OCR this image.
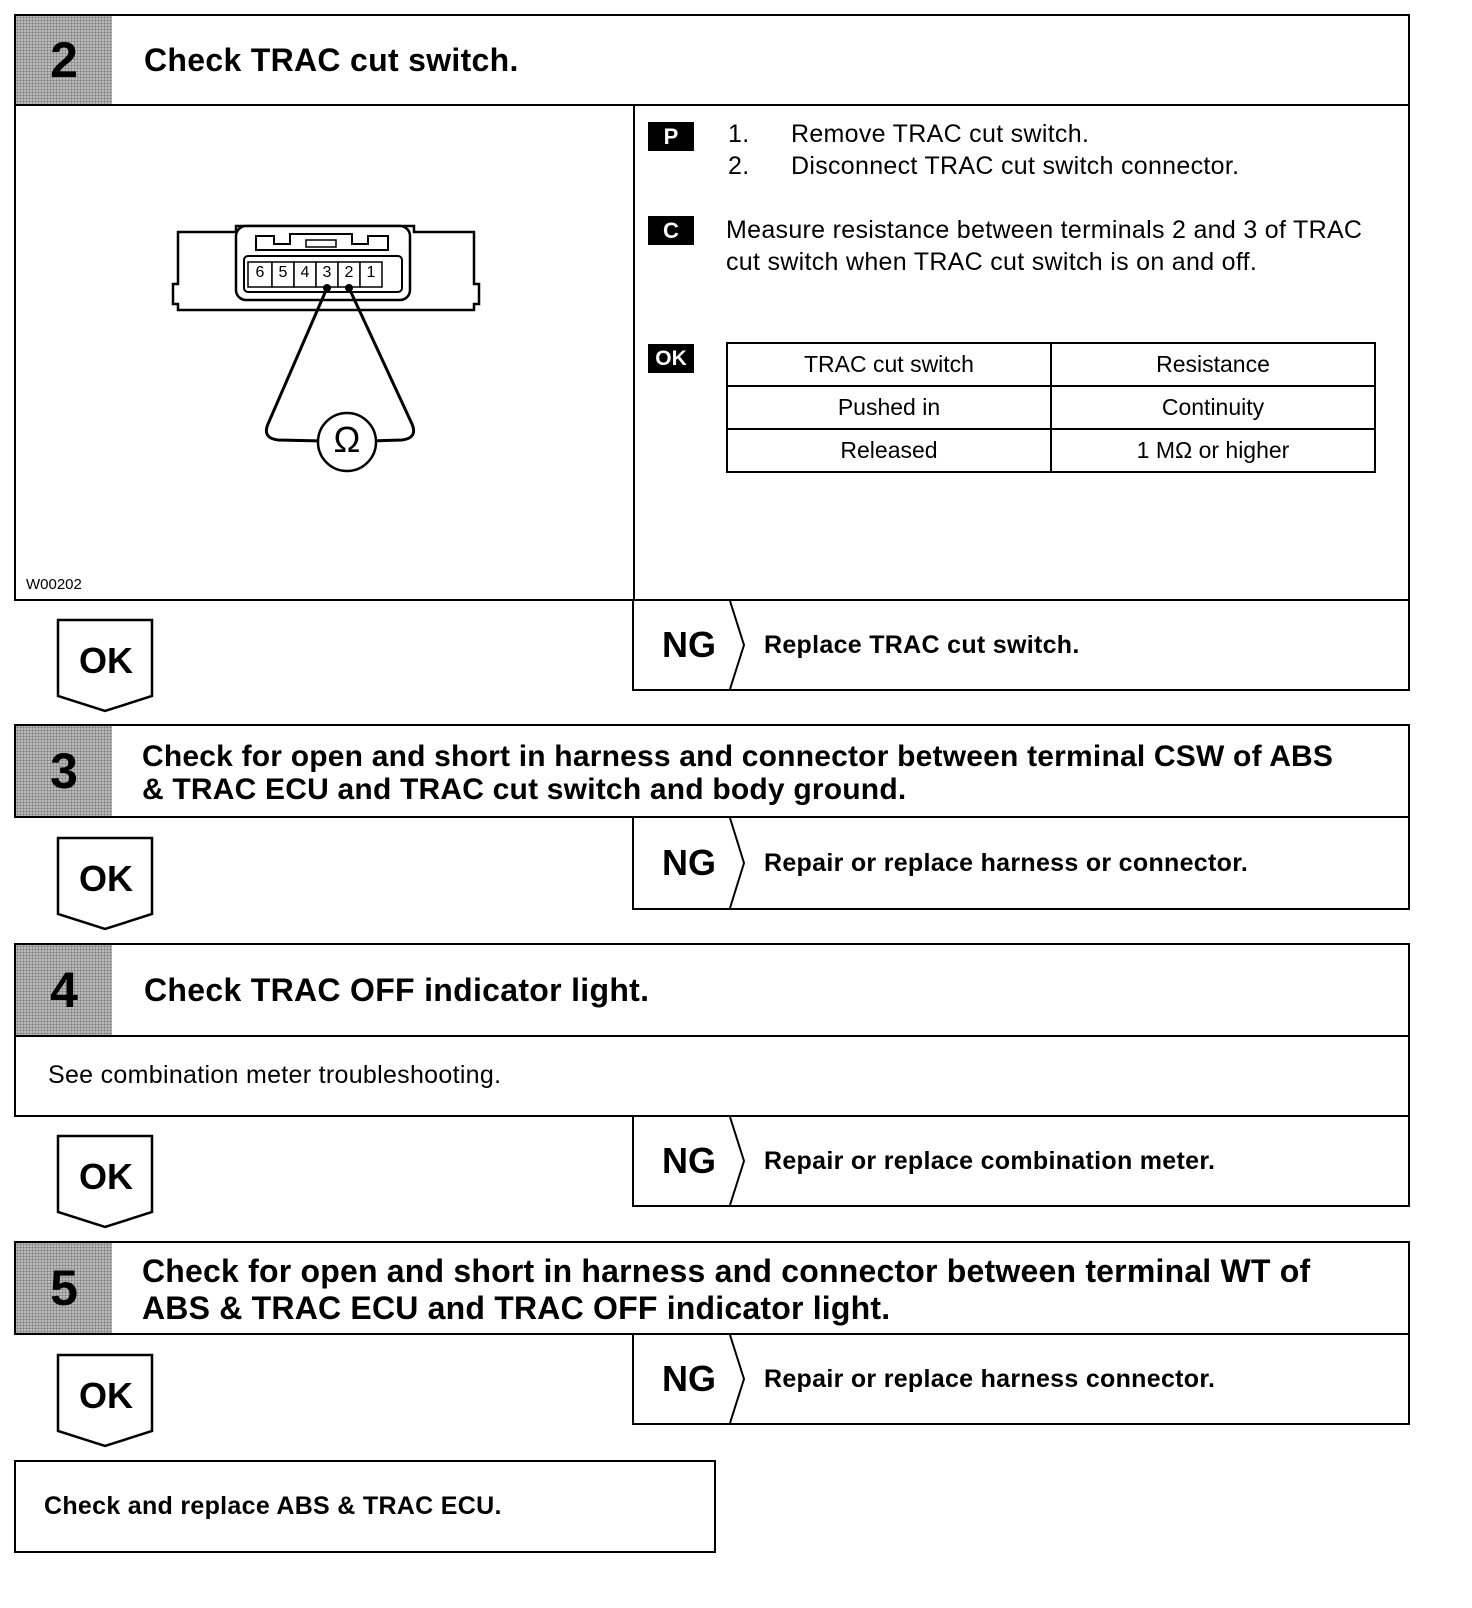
2	Check TRAC cut switch.
6 5 4 3 2 1
Ω
W00202
P	1. Remove TRAC cut switch.
2. Disconnect TRAC cut switch connector.
C	Measure resistance between terminals 2 and 3 of TRAC cut switch when TRAC cut switch is on and off.
OK	TRAC cut switch	Resistance
Pushed in	Continuity
Released	1 MΩ or higher
OK	NG Replace TRAC cut switch.
3	Check for open and short in harness and connector between terminal CSW of ABS
& TRAC ECU and TRAC cut switch and body ground.
OK	NG Repair or replace harness or connector.
4	Check TRAC OFF indicator light.
See combination meter troubleshooting.
OK	NG Repair or replace combination meter.
5	Check for open and short in harness and connector between terminal WT of
ABS & TRAC ECU and TRAC OFF indicator light.
OK	NG Repair or replace harness connector.
Check and replace ABS & TRAC ECU.
